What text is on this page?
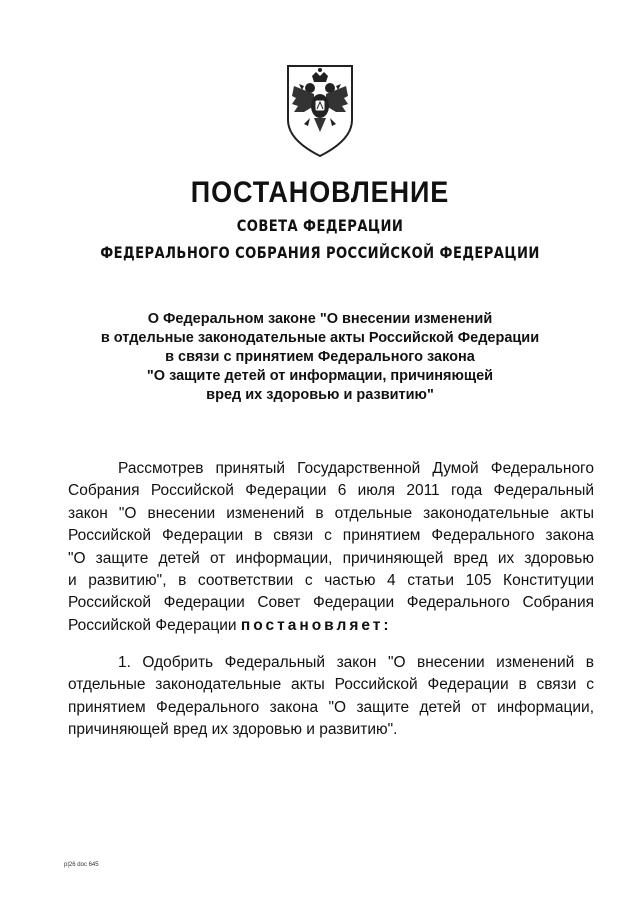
ПОСТАНОВЛЕНИЕ
СОВЕТА ФЕДЕРАЦИИ
ФЕДЕРАЛЬНОГО СОБРАНИЯ РОССИЙСКОЙ ФЕДЕРАЦИИ
О Федеральном законе "О внесении изменений
в отдельные законодательные акты Российской Федерации
в связи с принятием Федерального закона
"О защите детей от информации, причиняющей
вред их здоровью и развитию"
Рассмотрев принятый Государственной Думой Федерального
Собрания Российской Федерации 6 июля 2011 года Федеральный
закон "О внесении изменений в отдельные законодательные акты
Российской Федерации в связи с принятием Федерального закона
"О защите детей от информации, причиняющей вред их здоровью
и развитию", в соответствии с частью 4 статьи 105 Конституции
Российской Федерации Совет Федерации Федерального Собрания
Российской Федерации постановляет:
1. Одобрить Федеральный закон "О внесении изменений в
отдельные законодательные акты Российской Федерации в связи с
принятием Федерального закона "О защите детей от информации,
причиняющей вред их здоровью и развитию".
p|26 doc 645
